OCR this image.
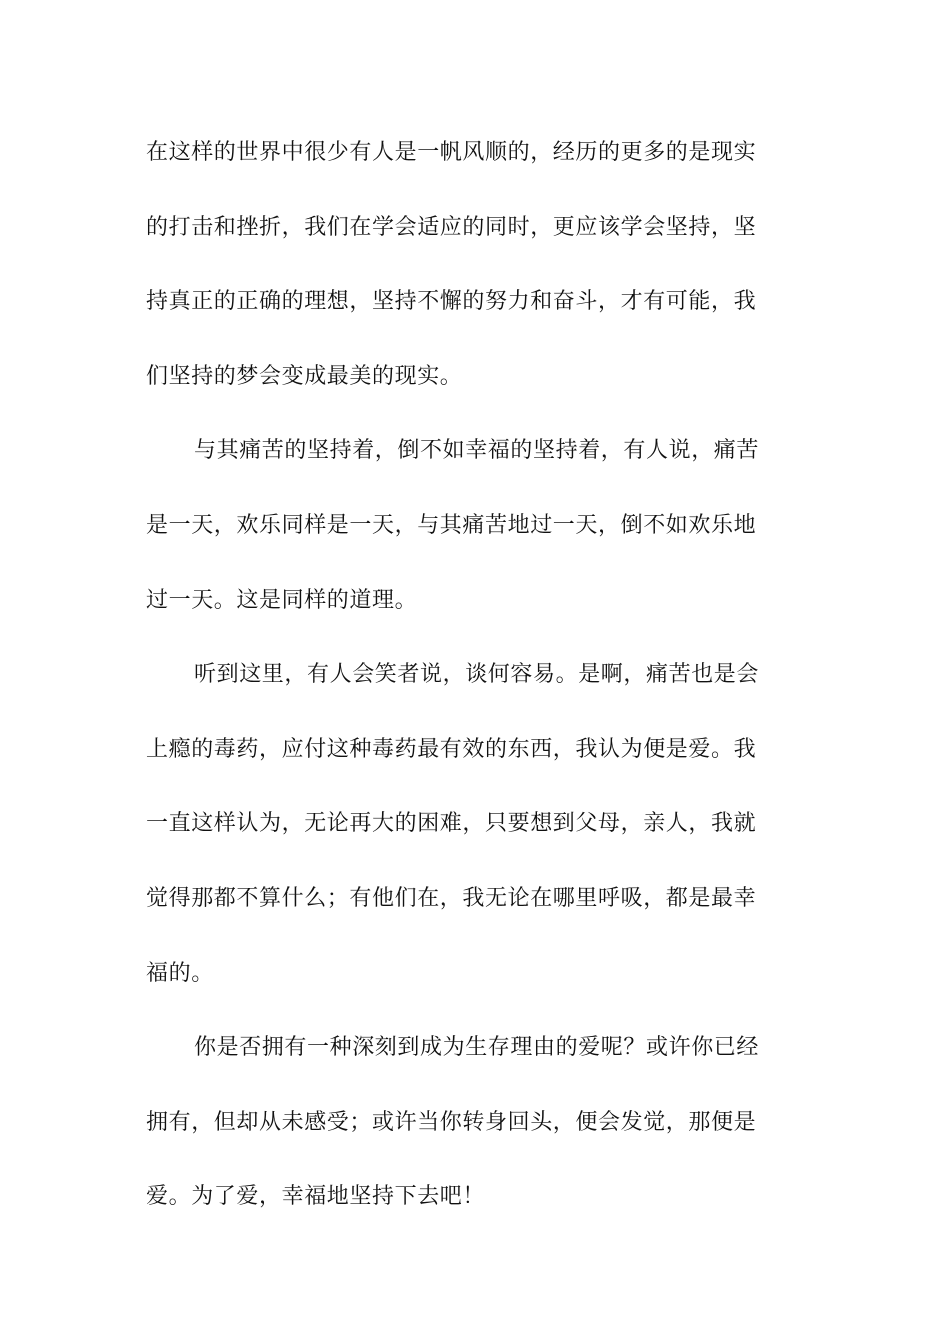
在这样的世界中很少有人是一帆风顺的，经历的更多的是现实
的打击和挫折，我们在学会适应的同时，更应该学会坚持，坚
持真正的正确的理想，坚持不懈的努力和奋斗，才有可能，我
们坚持的梦会变成最美的现实。

与其痛苦的坚持着，倒不如幸福的坚持着，有人说，痛苦
是一天，欢乐同样是一天，与其痛苦地过一天，倒不如欢乐地
过一天。这是同样的道理。

听到这里，有人会笑者说，谈何容易。是啊，痛苦也是会
上瘾的毒药，应付这种毒药最有效的东西，我认为便是爱。我
一直这样认为，无论再大的困难，只要想到父母，亲人，我就
觉得那都不算什么；有他们在，我无论在哪里呼吸，都是最幸
福的。

你是否拥有一种深刻到成为生存理由的爱呢？或许你已经
拥有，但却从未感受；或许当你转身回头，便会发觉，那便是
爱。为了爱，幸福地坚持下去吧！
